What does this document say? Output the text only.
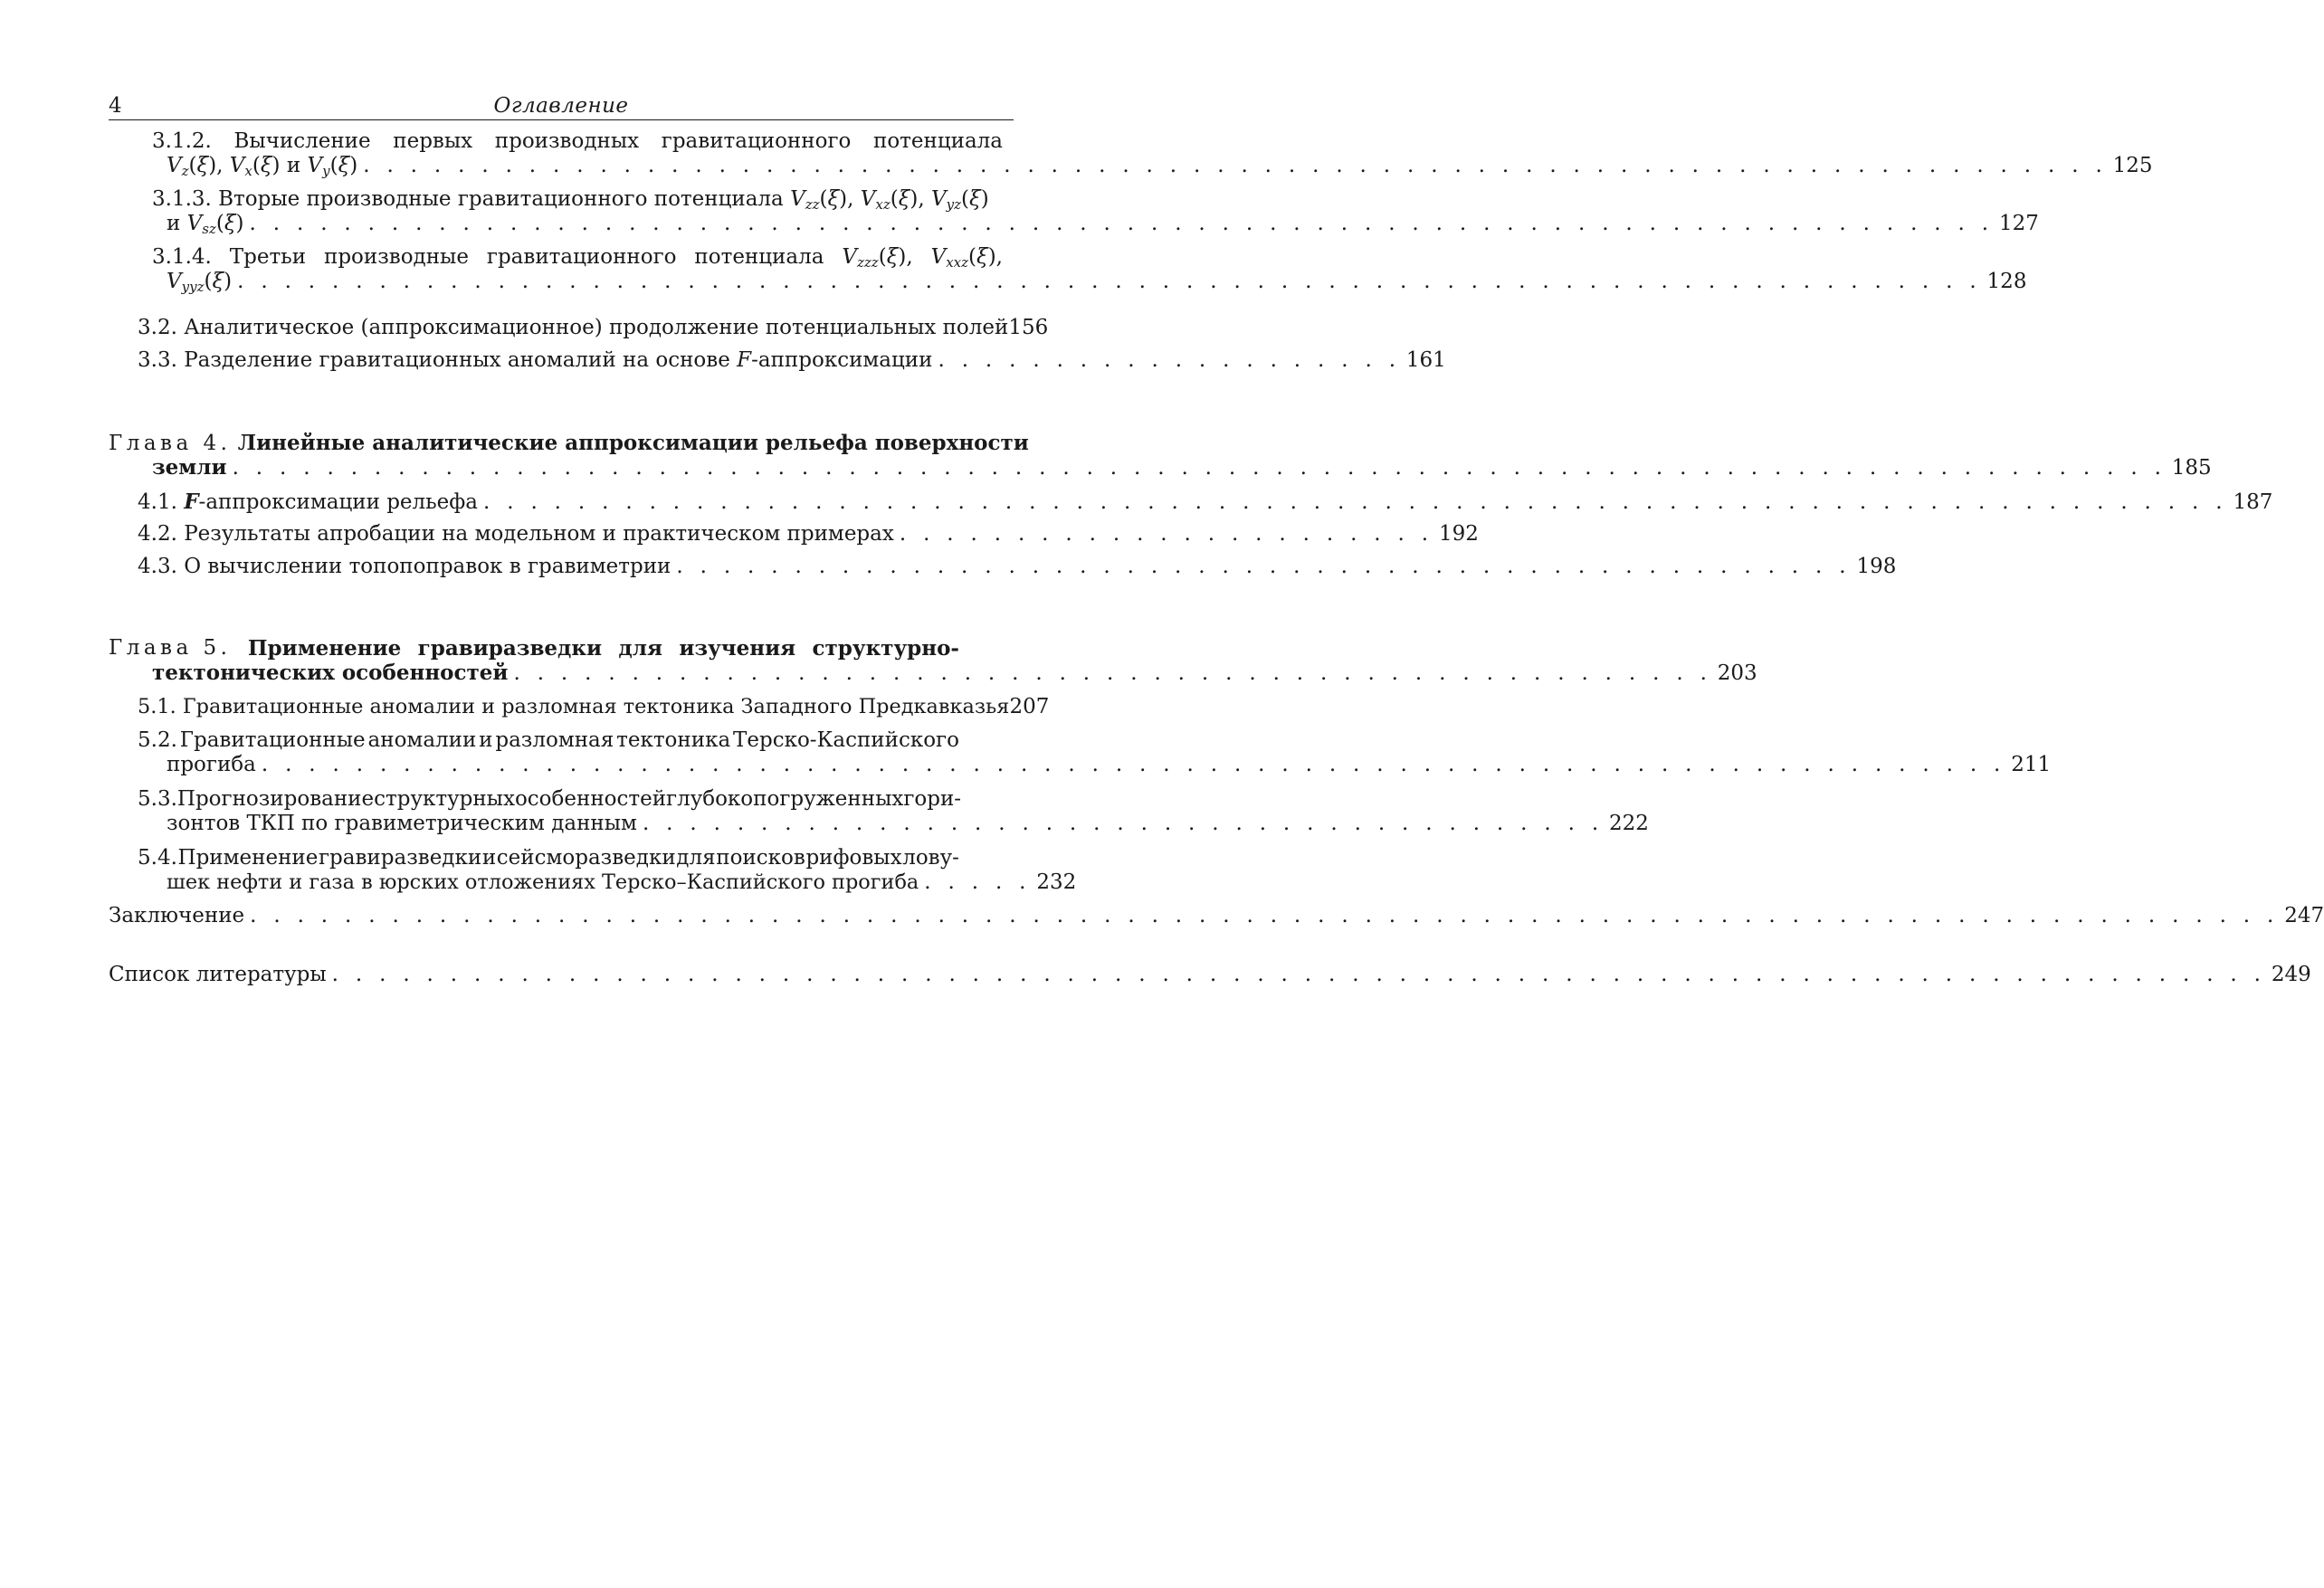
4	Оглавление
3.1.2. Вычисление первых производных гравитационного потенциала
$V_z(\xi)$, $V_x(\xi)$ и $V_y(\xi)$ . . . . . . . . . . . . . . . . . . . . . . . . . . . . . . . . . . . . . . . . . . . . . . . . . . . . . . . . . . . . . . . . . . . . . . . . . . 125
3.1.3. Вторые производные гравитационного потенциала $V_{zz}(\xi)$, $V_{xz}(\xi)$, $V_{yz}(\xi)$
и $V_{sz}(\xi)$ . . . . . . . . . . . . . . . . . . . . . . . . . . . . . . . . . . . . . . . . . . . . . . . . . . . . . . . . . . . . . . . . . . . . . . . . . . 127
3.1.4. Третьи производные гравитационного потенциала $V_{zzz}(\xi)$, $V_{xxz}(\xi)$,
$V_{yyz}(\xi)$ . . . . . . . . . . . . . . . . . . . . . . . . . . . . . . . . . . . . . . . . . . . . . . . . . . . . . . . . . . . . . . . . . . . . . . . . . . 128
3.2. Аналитическое (аппроксимационное) продолжение потенциальных полей 156
3.3. Разделение гравитационных аномалий на основе F-аппроксимации . . . . . . . . . . . . . . . . . . . . 161
Глава 4. Линейные аналитические аппроксимации рельефа поверхности
земли . . . . . . . . . . . . . . . . . . . . . . . . . . . . . . . . . . . . . . . . . . . . . . . . . . . . . . . . . . . . . . . . . . . . . . . . . . . . . . . . . . 185
4.1. F-аппроксимации рельефа . . . . . . . . . . . . . . . . . . . . . . . . . . . . . . . . . . . . . . . . . . . . . . . . . . . . . . . . . . . . . . . . . . . . . . . . . . 187
4.2. Результаты апробации на модельном и практическом примерах . . . . . . . . . . . . . . . . . . . . . . . 192
4.3. О вычислении топопоправок в гравиметрии . . . . . . . . . . . . . . . . . . . . . . . . . . . . . . . . . . . . . . . . . . . . . . . . . . 198
Глава 5. Применение гравиразведки для изучения структурно-
тектонических особенностей . . . . . . . . . . . . . . . . . . . . . . . . . . . . . . . . . . . . . . . . . . . . . . . . . . . 203
5.1. Гравитационные аномалии и разломная тектоника Западного Предкавказья 207
5.2. Гравитационные аномалии и разломная тектоника Терско-Каспийского
прогиба . . . . . . . . . . . . . . . . . . . . . . . . . . . . . . . . . . . . . . . . . . . . . . . . . . . . . . . . . . . . . . . . . . . . . . . . . . 211
5.3. Прогнозирование структурных особенностей глубокопогруженных гори-
зонтов ТКП по гравиметрическим данным . . . . . . . . . . . . . . . . . . . . . . . . . . . . . . . . . . . . . . . . . 222
5.4. Применение гравиразведки и сейсморазведки для поисков рифовых лову-
шек нефти и газа в юрских отложениях Терско–Каспийского прогиба . . . . . 232
Заключение . . . . . . . . . . . . . . . . . . . . . . . . . . . . . . . . . . . . . . . . . . . . . . . . . . . . . . . . . . . . . . . . . . . . . . . . . . . . . . . . . . . . . . 247
Список литературы . . . . . . . . . . . . . . . . . . . . . . . . . . . . . . . . . . . . . . . . . . . . . . . . . . . . . . . . . . . . . . . . . . . . . . . . . . . . . . . . . . 249
